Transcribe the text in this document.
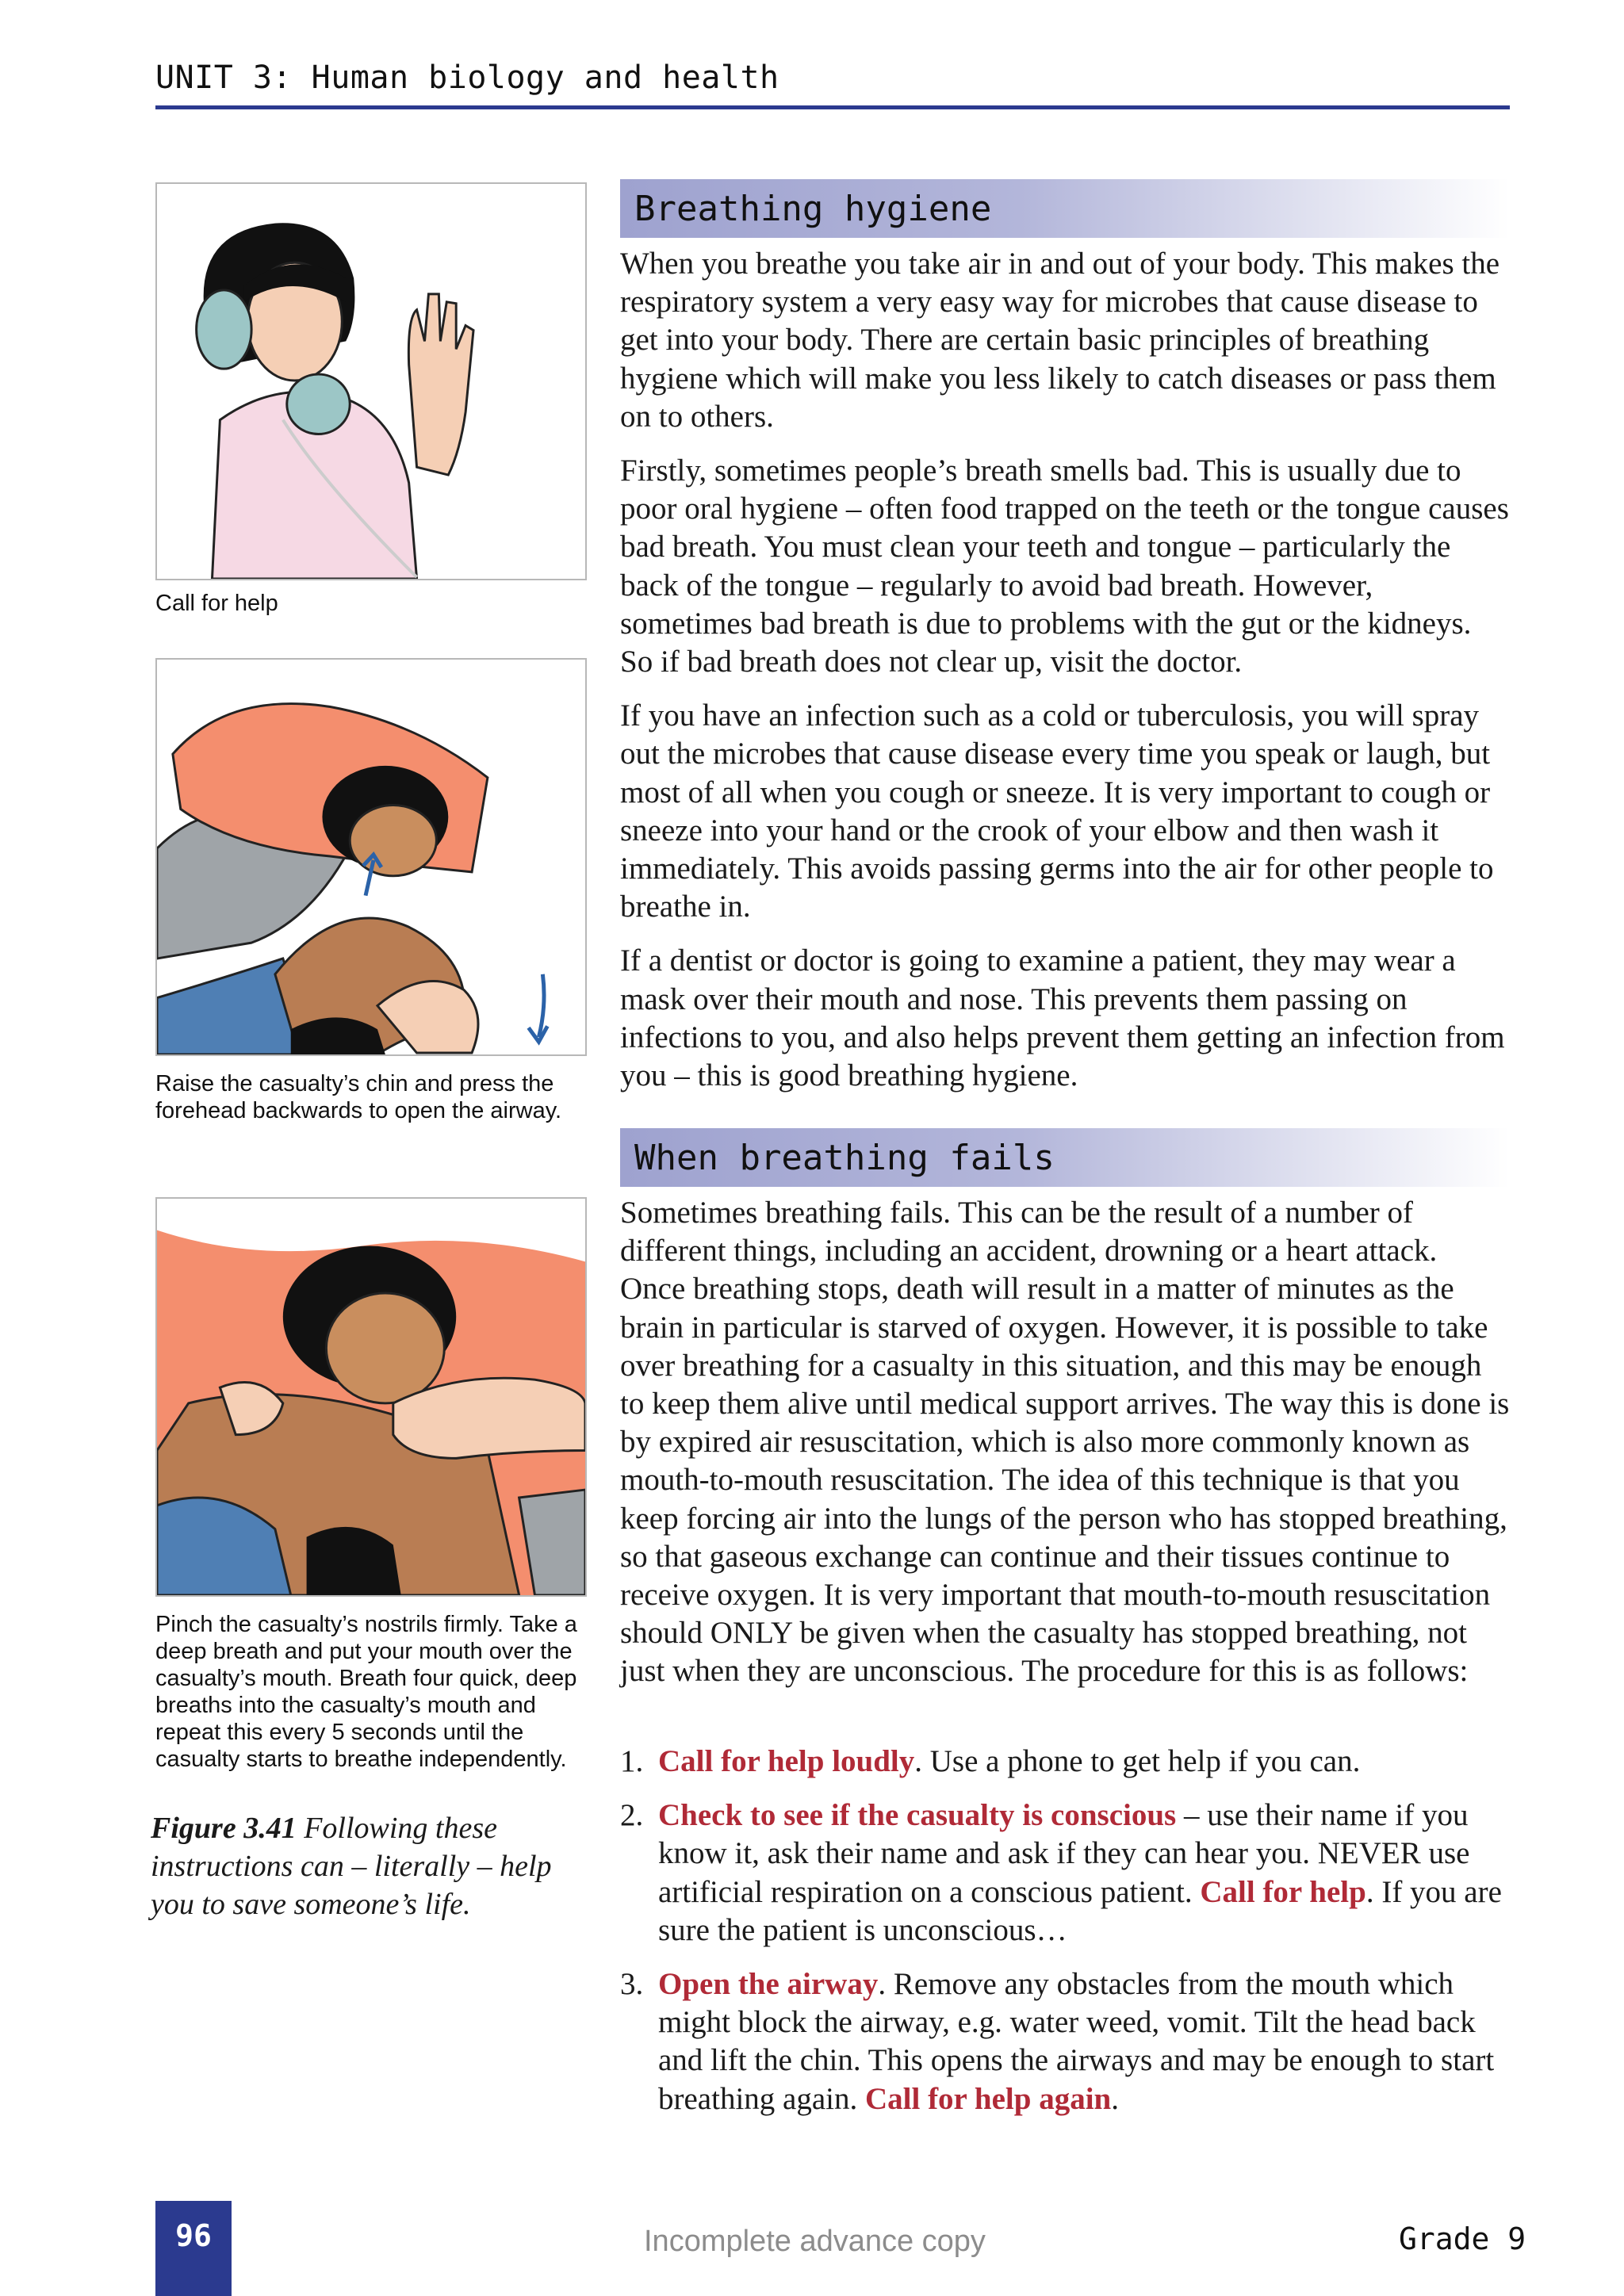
UNIT 3: Human biology and health
Call for help
Raise the casualty’s chin and press the forehead backwards to open the airway.
Pinch the casualty’s nostrils firmly. Take a deep breath and put your mouth over the casualty’s mouth. Breath four quick, deep breaths into the casualty’s mouth and repeat this every 5 seconds until the casualty starts to breathe independently.
Figure 3.41 Following these instructions can – literally – help you to save someone’s life.
Breathing hygiene

When you breathe you take air in and out of your body. This makes the respiratory system a very easy way for microbes that cause disease to get into your body. There are certain basic principles of breathing hygiene which will make you less likely to catch diseases or pass them on to others.

Firstly, sometimes people’s breath smells bad. This is usually due to poor oral hygiene – often food trapped on the teeth or the tongue causes bad breath. You must clean your teeth and tongue – particularly the back of the tongue – regularly to avoid bad breath. However, sometimes bad breath is due to problems with the gut or the kidneys. So if bad breath does not clear up, visit the doctor.

If you have an infection such as a cold or tuberculosis, you will spray out the microbes that cause disease every time you speak or laugh, but most of all when you cough or sneeze. It is very important to cough or sneeze into your hand or the crook of your elbow and then wash it immediately. This avoids passing germs into the air for other people to breathe in.

If a dentist or doctor is going to examine a patient, they may wear a mask over their mouth and nose. This prevents them passing on infections to you, and also helps prevent them getting an infection from you – this is good breathing hygiene.

When breathing fails

Sometimes breathing fails. This can be the result of a number of different things, including an accident, drowning or a heart attack. Once breathing stops, death will result in a matter of minutes as the brain in particular is starved of oxygen. However, it is possible to take over breathing for a casualty in this situation, and this may be enough to keep them alive until medical support arrives. The way this is done is by expired air resuscitation, which is also more commonly known as mouth-to-mouth resuscitation. The idea of this technique is that you keep forcing air into the lungs of the person who has stopped breathing, so that gaseous exchange can continue and their tissues continue to receive oxygen. It is very important that mouth-to-mouth resuscitation should ONLY be given when the casualty has stopped breathing, not just when they are unconscious. The procedure for this is as follows:

1. Call for help loudly. Use a phone to get help if you can.
2. Check to see if the casualty is conscious – use their name if you know it, ask their name and ask if they can hear you. NEVER use artificial respiration on a conscious patient. Call for help. If you are sure the patient is unconscious…
3. Open the airway. Remove any obstacles from the mouth which might block the airway, e.g. water weed, vomit. Tilt the head back and lift the chin. This opens the airways and may be enough to start breathing again. Call for help again.
96	Incomplete advance copy	Grade 9
